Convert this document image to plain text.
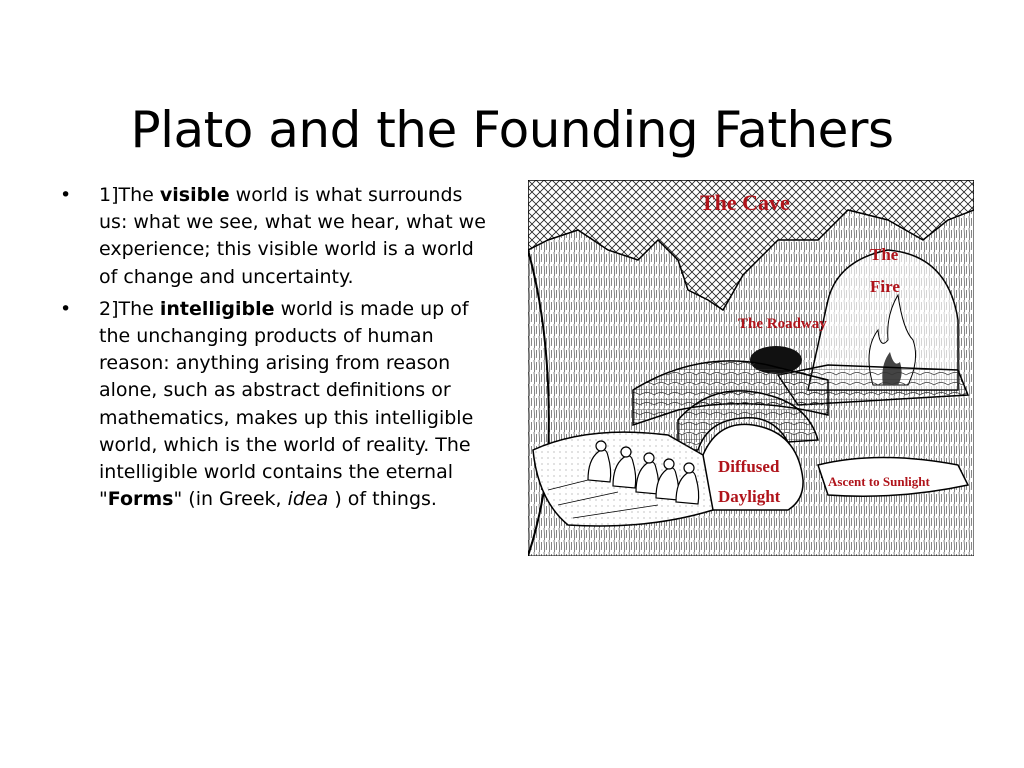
Plato and the Founding Fathers
• 1]The visible world is what surrounds us: what we see, what we hear, what we experience; this visible world is a world of change and uncertainty.
• 2]The intelligible world is made up of the unchanging products of human reason: anything arising from reason alone, such as abstract definitions or mathematics, makes up this intelligible world, which is the world of reality. The intelligible world contains the eternal "Forms" (in Greek, idea ) of things.
The Cave
The
Fire
The Roadway
Diffused
Daylight
Ascent to Sunlight
